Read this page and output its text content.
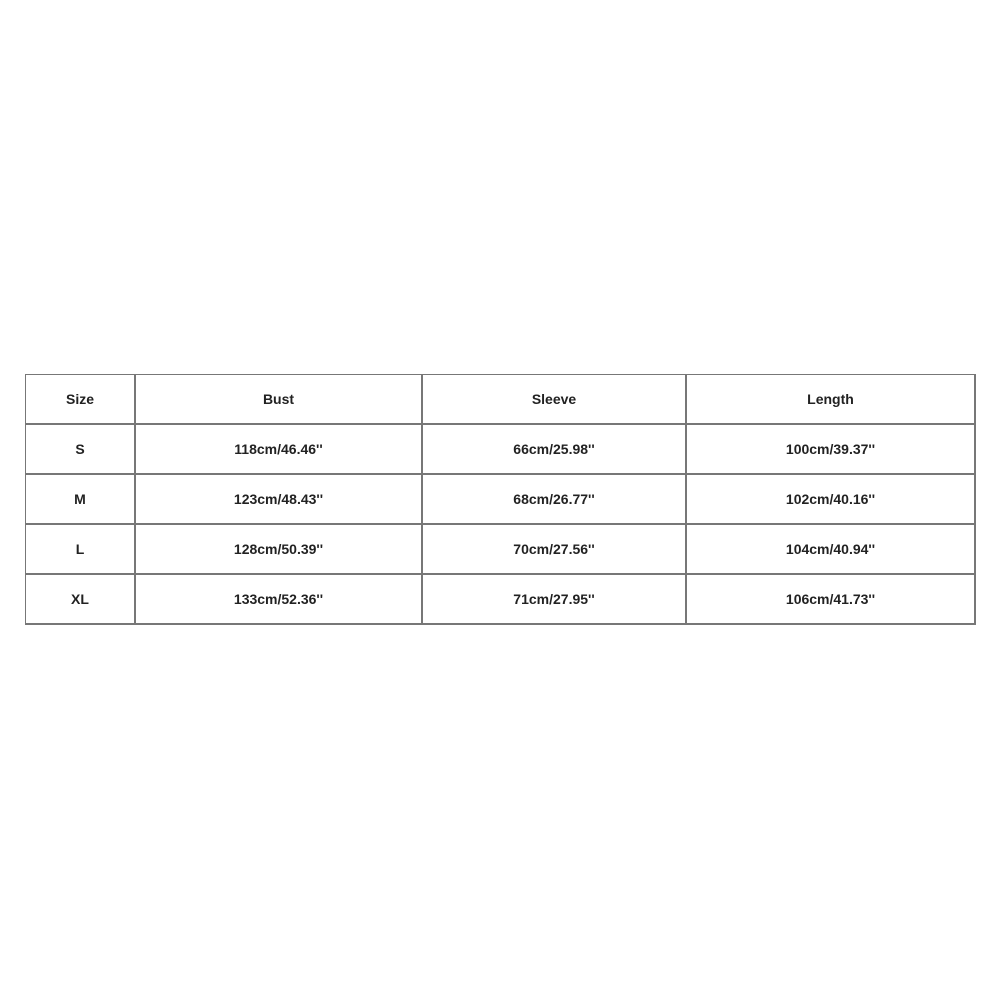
Size	Bust	Sleeve	Length
S	118cm/46.46''	66cm/25.98''	100cm/39.37''
M	123cm/48.43''	68cm/26.77''	102cm/40.16''
L	128cm/50.39''	70cm/27.56''	104cm/40.94''
XL	133cm/52.36''	71cm/27.95''	106cm/41.73''
